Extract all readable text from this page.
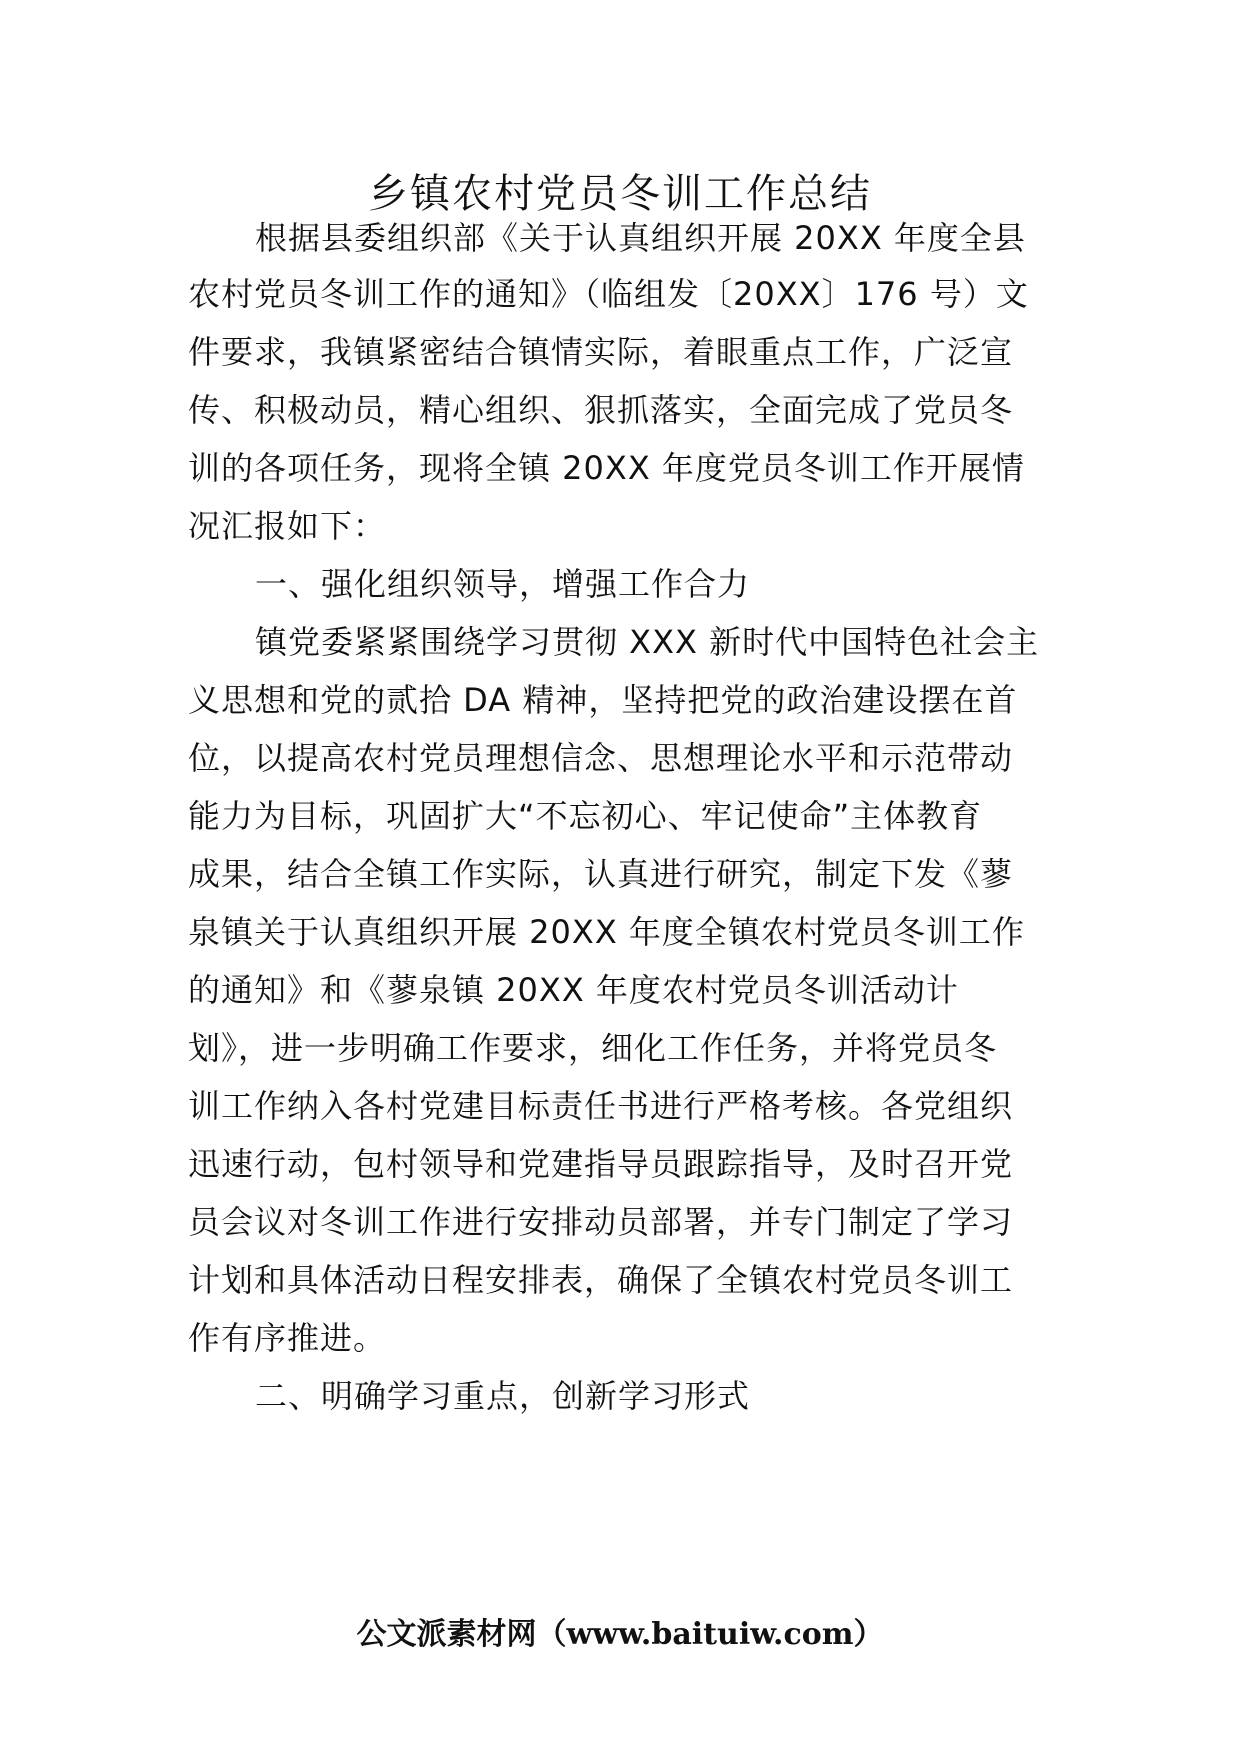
乡镇农村党员冬训工作总结
根据县委组织部《关于认真组织开展 20XX 年度全县
农村党员冬训工作的通知》（临组发〔20XX〕176 号）文
件要求，我镇紧密结合镇情实际，着眼重点工作，广泛宣
传、积极动员，精心组织、狠抓落实，全面完成了党员冬
训的各项任务，现将全镇 20XX 年度党员冬训工作开展情
况汇报如下：
一、强化组织领导，增强工作合力
镇党委紧紧围绕学习贯彻 XXX 新时代中国特色社会主
义思想和党的贰拾 DA 精神，坚持把党的政治建设摆在首
位，以提高农村党员理想信念、思想理论水平和示范带动
能力为目标，巩固扩大“不忘初心、牢记使命”主体教育
成果，结合全镇工作实际，认真进行研究，制定下发《蓼
泉镇关于认真组织开展 20XX 年度全镇农村党员冬训工作
的通知》和《蓼泉镇 20XX 年度农村党员冬训活动计
划》，进一步明确工作要求，细化工作任务，并将党员冬
训工作纳入各村党建目标责任书进行严格考核。各党组织
迅速行动，包村领导和党建指导员跟踪指导，及时召开党
员会议对冬训工作进行安排动员部署，并专门制定了学习
计划和具体活动日程安排表，确保了全镇农村党员冬训工
作有序推进。
二、明确学习重点，创新学习形式
公文派素材网（www.baituiw.com）
